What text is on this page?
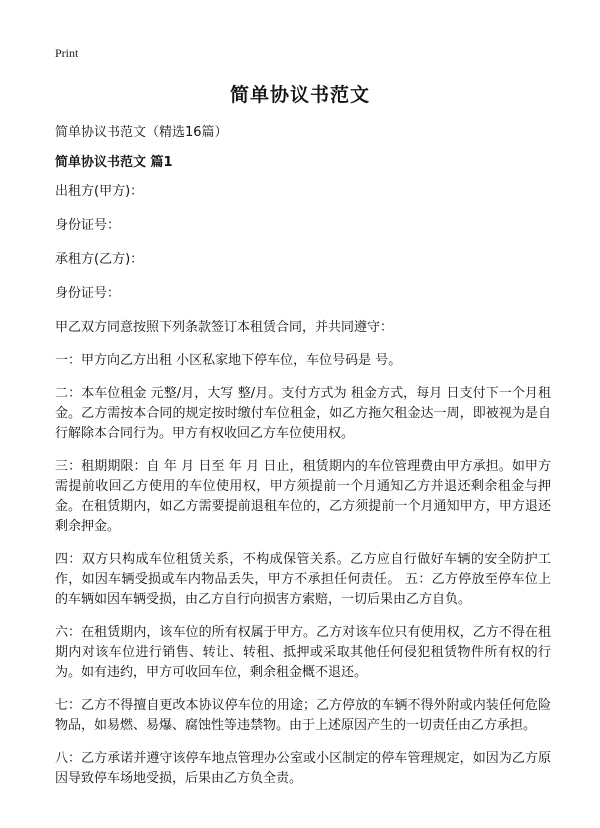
Print
简单协议书范文
简单协议书范文（精选16篇）
简单协议书范文 篇1
出租方(甲方)：
身份证号：
承租方(乙方)：
身份证号：
甲乙双方同意按照下列条款签订本租赁合同，并共同遵守：
一：甲方向乙方出租 小区私家地下停车位，车位号码是 号。
二：本车位租金 元整/月，大写 整/月。支付方式为 租金方式，每月 日支付下一个月租金。乙方需按本合同的规定按时缴付车位租金，如乙方拖欠租金达一周，即被视为是自行解除本合同行为。甲方有权收回乙方车位使用权。
三：租期期限：自 年 月 日至 年 月 日止，租赁期内的车位管理费由甲方承担。如甲方需提前收回乙方使用的车位使用权，甲方须提前一个月通知乙方并退还剩余租金与押金。在租赁期内，如乙方需要提前退租车位的，乙方须提前一个月通知甲方，甲方退还剩余押金。
四：双方只构成车位租赁关系，不构成保管关系。乙方应自行做好车辆的安全防护工作，如因车辆受损或车内物品丢失，甲方不承担任何责任。 五：乙方停放至停车位上的车辆如因车辆受损，由乙方自行向损害方索赔，一切后果由乙方自负。
六：在租赁期内，该车位的所有权属于甲方。乙方对该车位只有使用权，乙方不得在租期内对该车位进行销售、转让、转租、抵押或采取其他任何侵犯租赁物件所有权的行为。如有违约，甲方可收回车位，剩余租金概不退还。
七：乙方不得擅自更改本协议停车位的用途；乙方停放的车辆不得外附或内装任何危险物品，如易燃、易爆、腐蚀性等违禁物。由于上述原因产生的一切责任由乙方承担。
八：乙方承诺并遵守该停车地点管理办公室或小区制定的停车管理规定，如因为乙方原因导致停车场地受损，后果由乙方负全责。
